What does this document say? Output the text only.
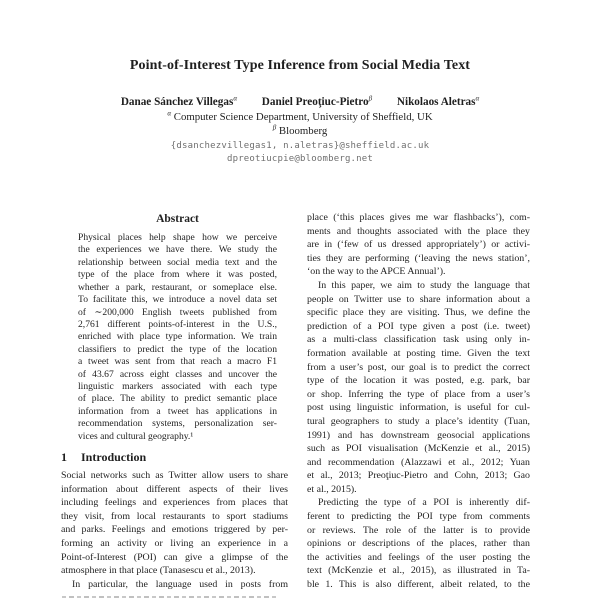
Point-of-Interest Type Inference from Social Media Text
Danae Sánchez Villegas$^\alpha$ Daniel Preoţiuc-Pietro$^\beta$ Nikolaos Aletras$^\alpha$
$^\alpha$ Computer Science Department, University of Sheffield, UK
$^\beta$ Bloomberg
{dsanchezvillegas1, n.aletras}@sheffield.ac.uk
dpreotiucpie@bloomberg.net
Abstract
Physical places help shape how we perceive
the experiences we have there. We study the
relationship between social media text and the
type of the place from where it was posted,
whether a park, restaurant, or someplace else.
To facilitate this, we introduce a novel data set
of ∼200,000 English tweets published from
2,761 different points-of-interest in the U.S.,
enriched with place type information. We train
classifiers to predict the type of the location
a tweet was sent from that reach a macro F1
of 43.67 across eight classes and uncover the
linguistic markers associated with each type
of place. The ability to predict semantic place
information from a tweet has applications in
recommendation systems, personalization ser-
vices and cultural geography.¹
1 Introduction
Social networks such as Twitter allow users to share
information about different aspects of their lives
including feelings and experiences from places that
they visit, from local restaurants to sport stadiums
and parks. Feelings and emotions triggered by per-
forming an activity or living an experience in a
Point-of-Interest (POI) can give a glimpse of the
atmosphere in that place (Tanasescu et al., 2013).
In particular, the language used in posts from
place (‘this places gives me war flashbacks’), com-
ments and thoughts associated with the place they
are in (‘few of us dressed appropriately’) or activi-
ties they are performing (‘leaving the news station’,
‘on the way to the APCE Annual’).
In this paper, we aim to study the language that
people on Twitter use to share information about a
specific place they are visiting. Thus, we define the
prediction of a POI type given a post (i.e. tweet)
as a multi-class classification task using only in-
formation available at posting time. Given the text
from a user’s post, our goal is to predict the correct
type of the location it was posted, e.g. park, bar
or shop. Inferring the type of place from a user’s
post using linguistic information, is useful for cul-
tural geographers to study a place’s identity (Tuan,
1991) and has downstream geosocial applications
such as POI visualisation (McKenzie et al., 2015)
and recommendation (Alazzawi et al., 2012; Yuan
et al., 2013; Preoţiuc-Pietro and Cohn, 2013; Gao
et al., 2015).
Predicting the type of a POI is inherently dif-
ferent to predicting the POI type from comments
or reviews. The role of the latter is to provide
opinions or descriptions of the places, rather than
the activities and feelings of the user posting the
text (McKenzie et al., 2015), as illustrated in Ta-
ble 1. This is also different, albeit related, to the
